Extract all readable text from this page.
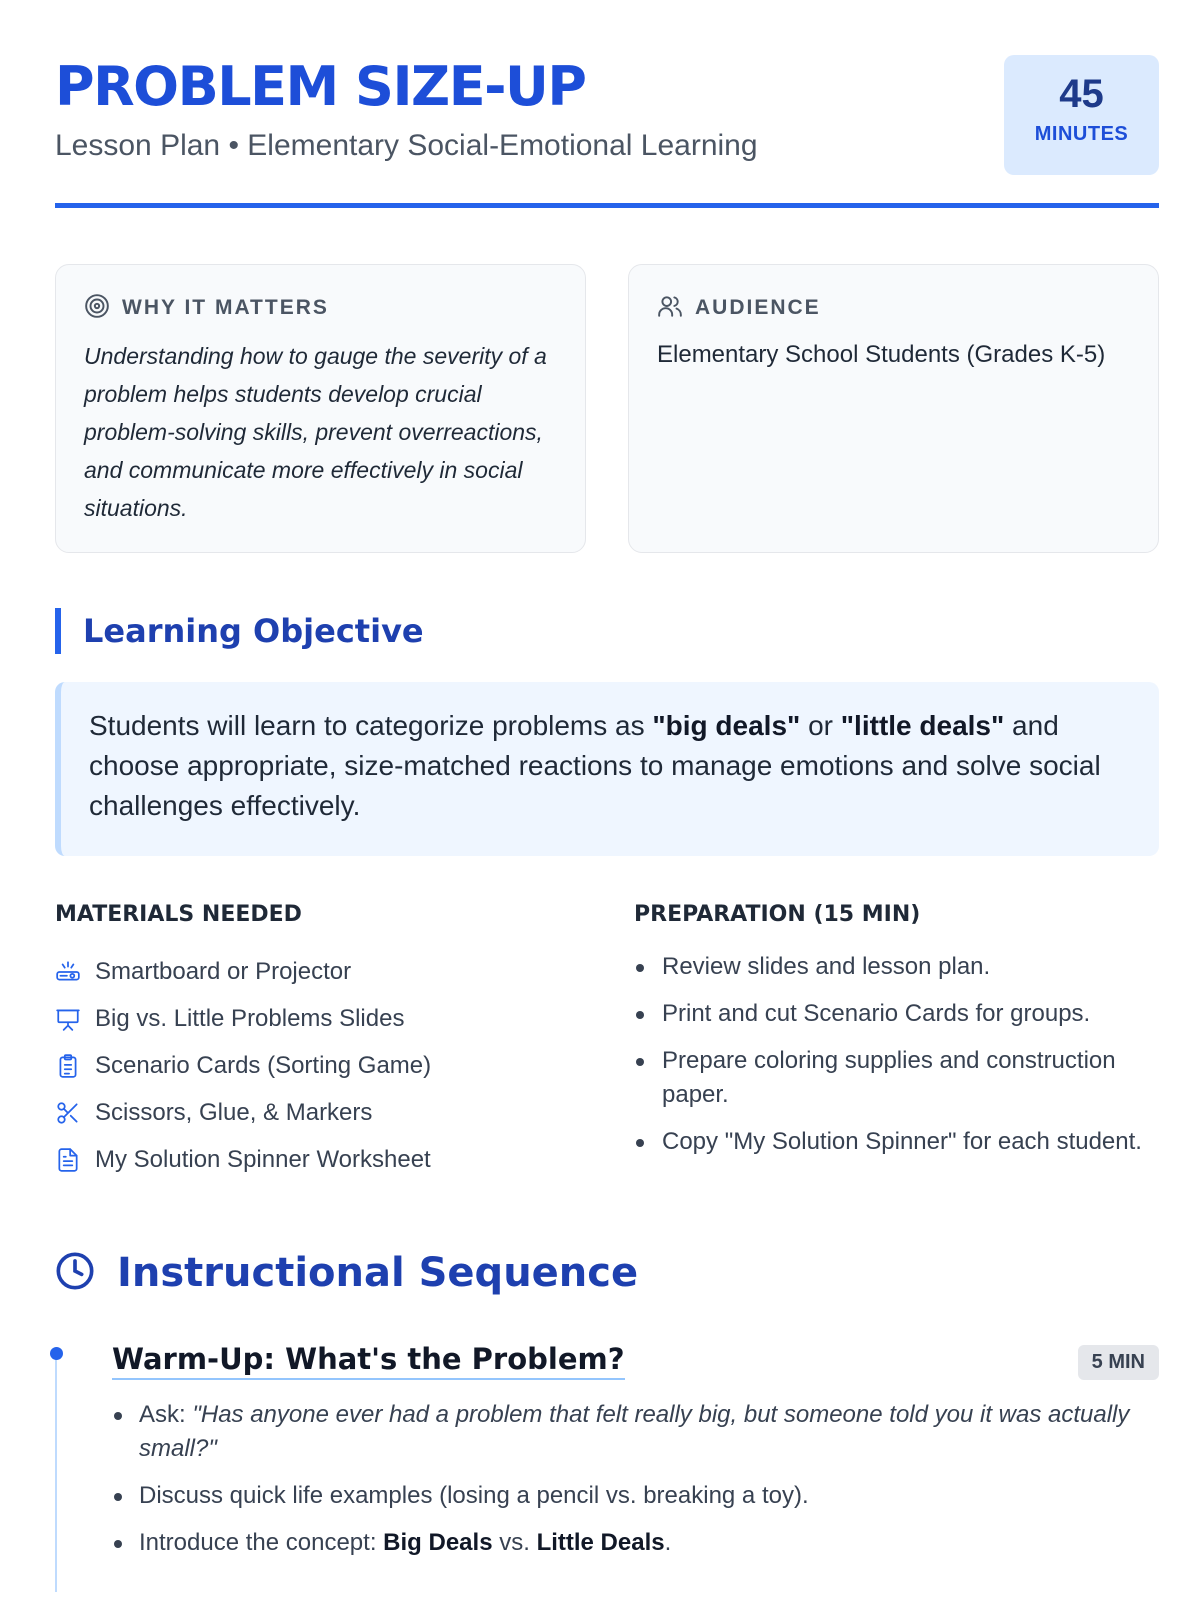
PROBLEM SIZE-UP
Lesson Plan • Elementary Social-Emotional Learning
45
MINUTES
WHY IT MATTERS

Understanding how to gauge the severity of a problem helps students develop crucial problem-solving skills, prevent overreactions, and communicate more effectively in social situations.

AUDIENCE

Elementary School Students (Grades K-5)

Learning Objective
Students will learn to categorize problems as "big deals" or "little deals" and choose appropriate, size-matched reactions to manage emotions and solve social challenges effectively.
MATERIALS NEEDED
Smartboard or Projector
Big vs. Little Problems Slides
Scenario Cards (Sorting Game)
Scissors, Glue, & Markers
My Solution Spinner Worksheet
PREPARATION (15 MIN)
Review slides and lesson plan.
Print and cut Scenario Cards for groups.
Prepare coloring supplies and construction paper.
Copy "My Solution Spinner" for each student.
Instructional Sequence
Warm-Up: What's the Problem?	5 MIN
Ask: "Has anyone ever had a problem that felt really big, but someone told you it was actually small?"
Discuss quick life examples (losing a pencil vs. breaking a toy).
Introduce the concept: Big Deals vs. Little Deals.
